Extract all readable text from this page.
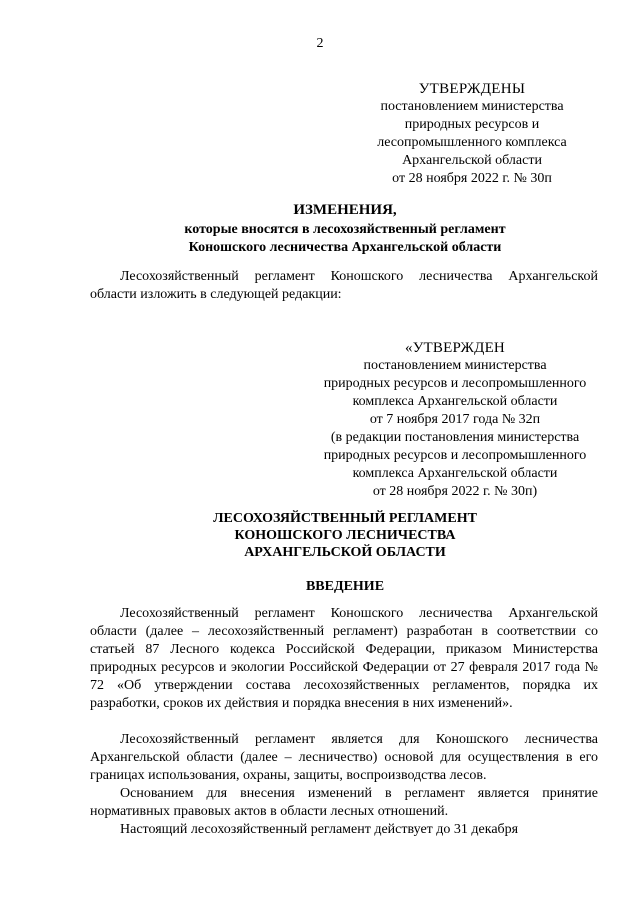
2
УТВЕРЖДЕНЫ
постановлением министерства
природных ресурсов и
лесопромышленного комплекса
Архангельской области
от 28 ноября 2022 г. № 30п
ИЗМЕНЕНИЯ,
которые вносятся в лесохозяйственный регламент
Коношского лесничества Архангельской области
Лесохозяйственный регламент Коношского лесничества Архангельской области изложить в следующей редакции:
«УТВЕРЖДЕН
постановлением министерства
природных ресурсов и лесопромышленного
комплекса Архангельской области
от 7 ноября 2017 года № 32п
(в редакции постановления министерства
природных ресурсов и лесопромышленного
комплекса Архангельской области
от 28 ноября 2022 г. № 30п)
ЛЕСОХОЗЯЙСТВЕННЫЙ РЕГЛАМЕНТ
КОНОШСКОГО ЛЕСНИЧЕСТВА
АРХАНГЕЛЬСКОЙ ОБЛАСТИ
ВВЕДЕНИЕ
Лесохозяйственный регламент Коношского лесничества Архангельской области (далее – лесохозяйственный регламент) разработан в соответствии со статьей 87 Лесного кодекса Российской Федерации, приказом Министерства природных ресурсов и экологии Российской Федерации от 27 февраля 2017 года № 72 «Об утверждении состава лесохозяйственных регламентов, порядка их разработки, сроков их действия и порядка внесения в них изменений».
Лесохозяйственный регламент является для Коношского лесничества Архангельской области (далее – лесничество) основой для осуществления в его границах использования, охраны, защиты, воспроизводства лесов.
Основанием для внесения изменений в регламент является принятие нормативных правовых актов в области лесных отношений.
Настоящий лесохозяйственный регламент действует до 31 декабря
